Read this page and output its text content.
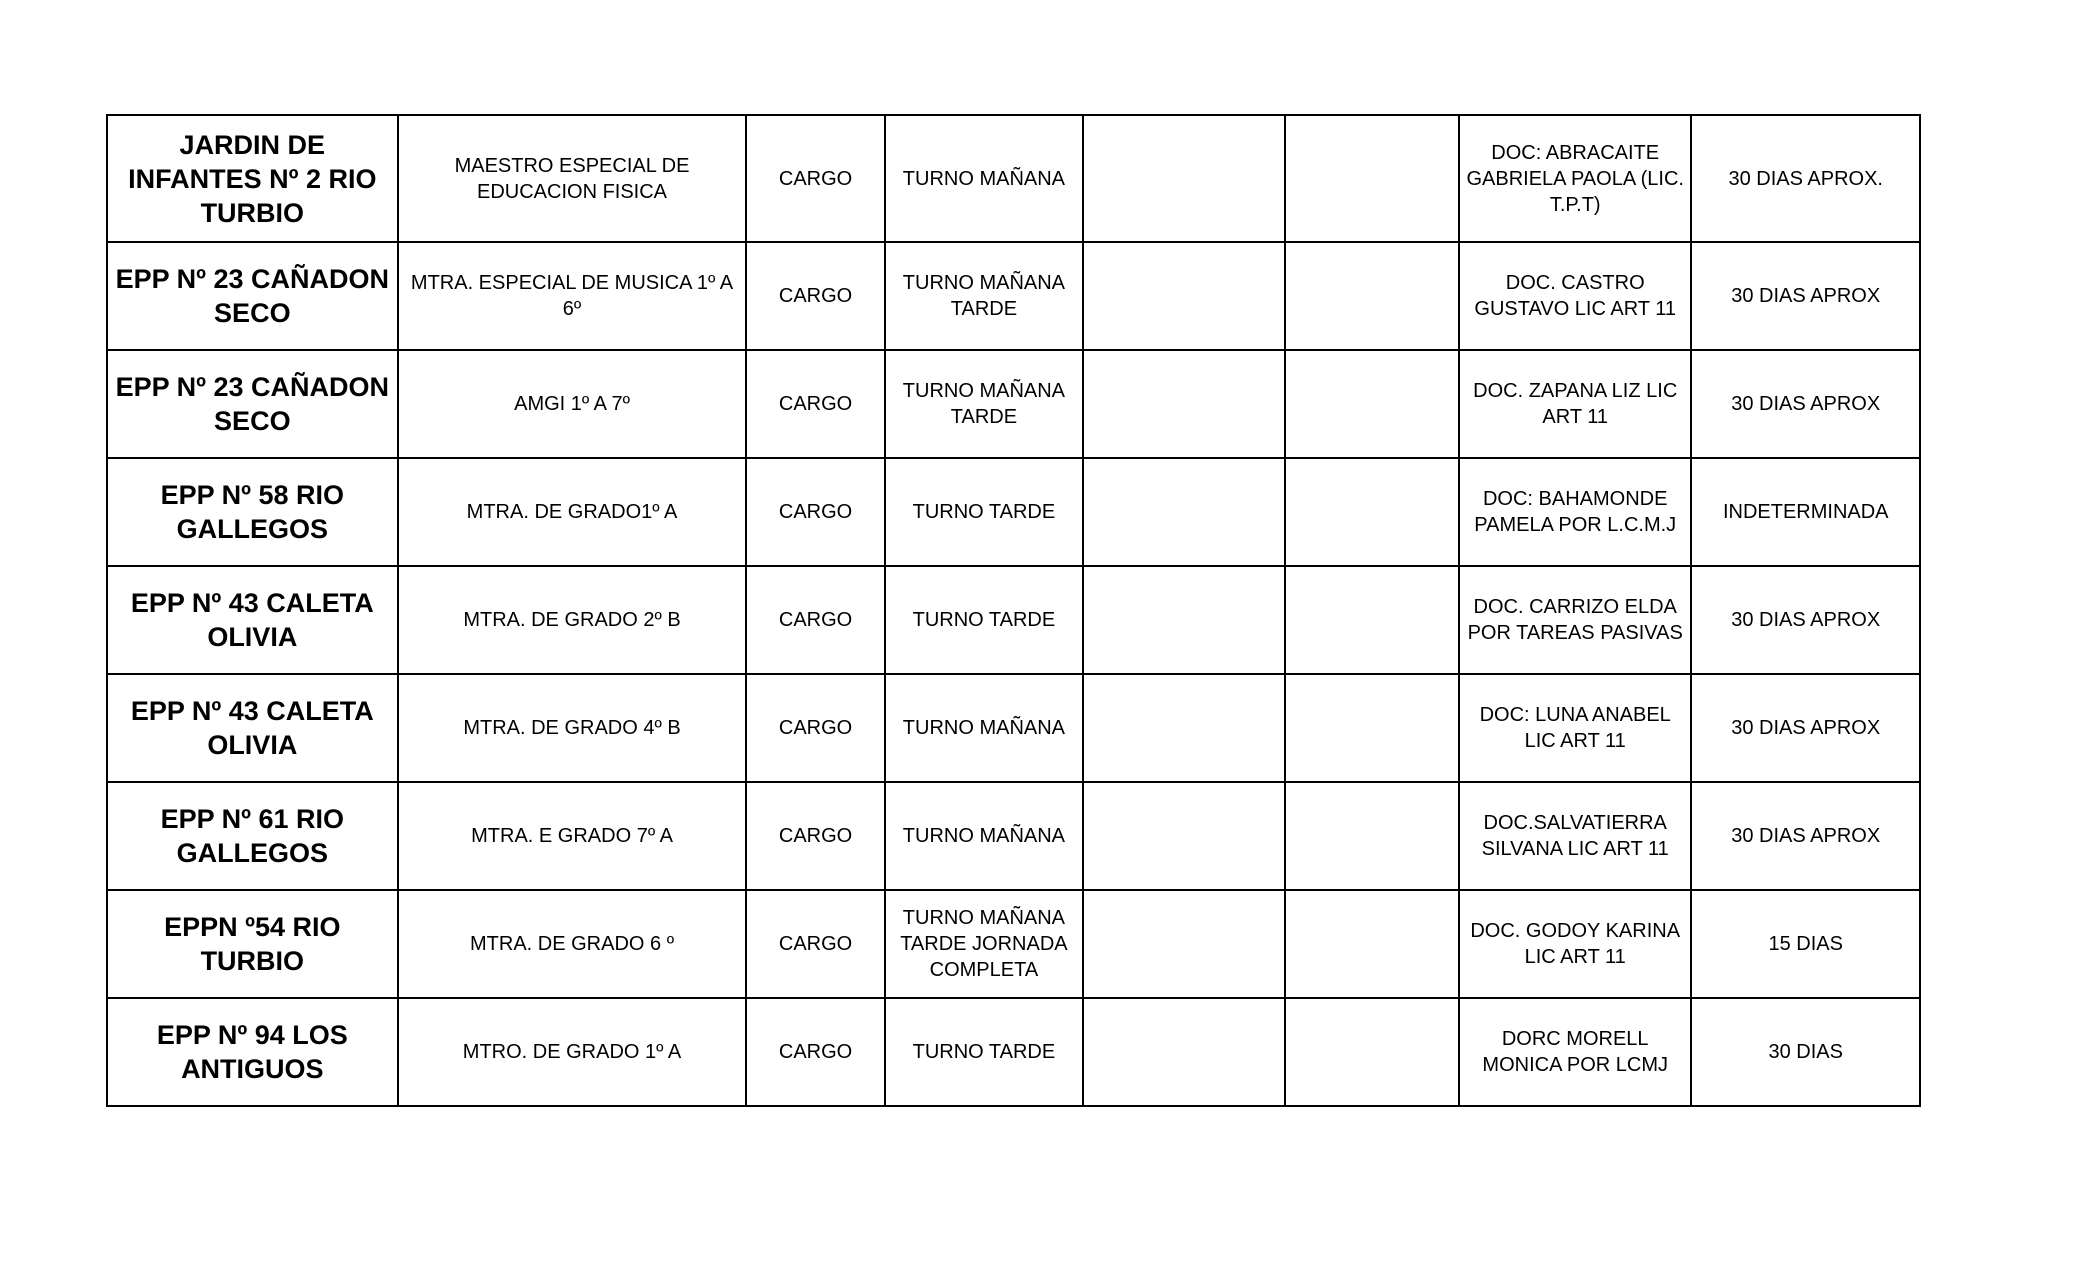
JARDIN DE INFANTES Nº 2 RIO TURBIO	MAESTRO ESPECIAL DE EDUCACION FISICA	CARGO	TURNO MAÑANA			DOC: ABRACAITE GABRIELA PAOLA (LIC. T.P.T)	30 DIAS APROX.
EPP Nº 23 CAÑADON SECO	MTRA. ESPECIAL DE MUSICA 1º A 6º	CARGO	TURNO MAÑANA TARDE			DOC. CASTRO GUSTAVO LIC ART 11	30 DIAS APROX
EPP Nº 23 CAÑADON SECO	AMGI 1º A 7º	CARGO	TURNO MAÑANA TARDE			DOC. ZAPANA LIZ LIC ART 11	30 DIAS APROX
EPP Nº 58 RIO GALLEGOS	MTRA. DE GRADO1º A	CARGO	TURNO TARDE			DOC: BAHAMONDE PAMELA POR L.C.M.J	INDETERMINADA
EPP Nº 43 CALETA OLIVIA	MTRA. DE GRADO 2º B	CARGO	TURNO TARDE			DOC. CARRIZO ELDA POR TAREAS PASIVAS	30 DIAS APROX
EPP Nº 43 CALETA OLIVIA	MTRA. DE GRADO 4º B	CARGO	TURNO MAÑANA			DOC: LUNA ANABEL LIC ART 11	30 DIAS APROX
EPP Nº 61 RIO GALLEGOS	MTRA. E GRADO 7º A	CARGO	TURNO MAÑANA			DOC.SALVATIERRA SILVANA LIC ART 11	30 DIAS APROX
EPPN º54 RIO TURBIO	MTRA. DE GRADO 6 º	CARGO	TURNO MAÑANA TARDE JORNADA COMPLETA			DOC. GODOY KARINA LIC ART 11	15 DIAS
EPP Nº 94 LOS ANTIGUOS	MTRO. DE GRADO 1º A	CARGO	TURNO TARDE			DORC MORELL MONICA POR LCMJ	30 DIAS
